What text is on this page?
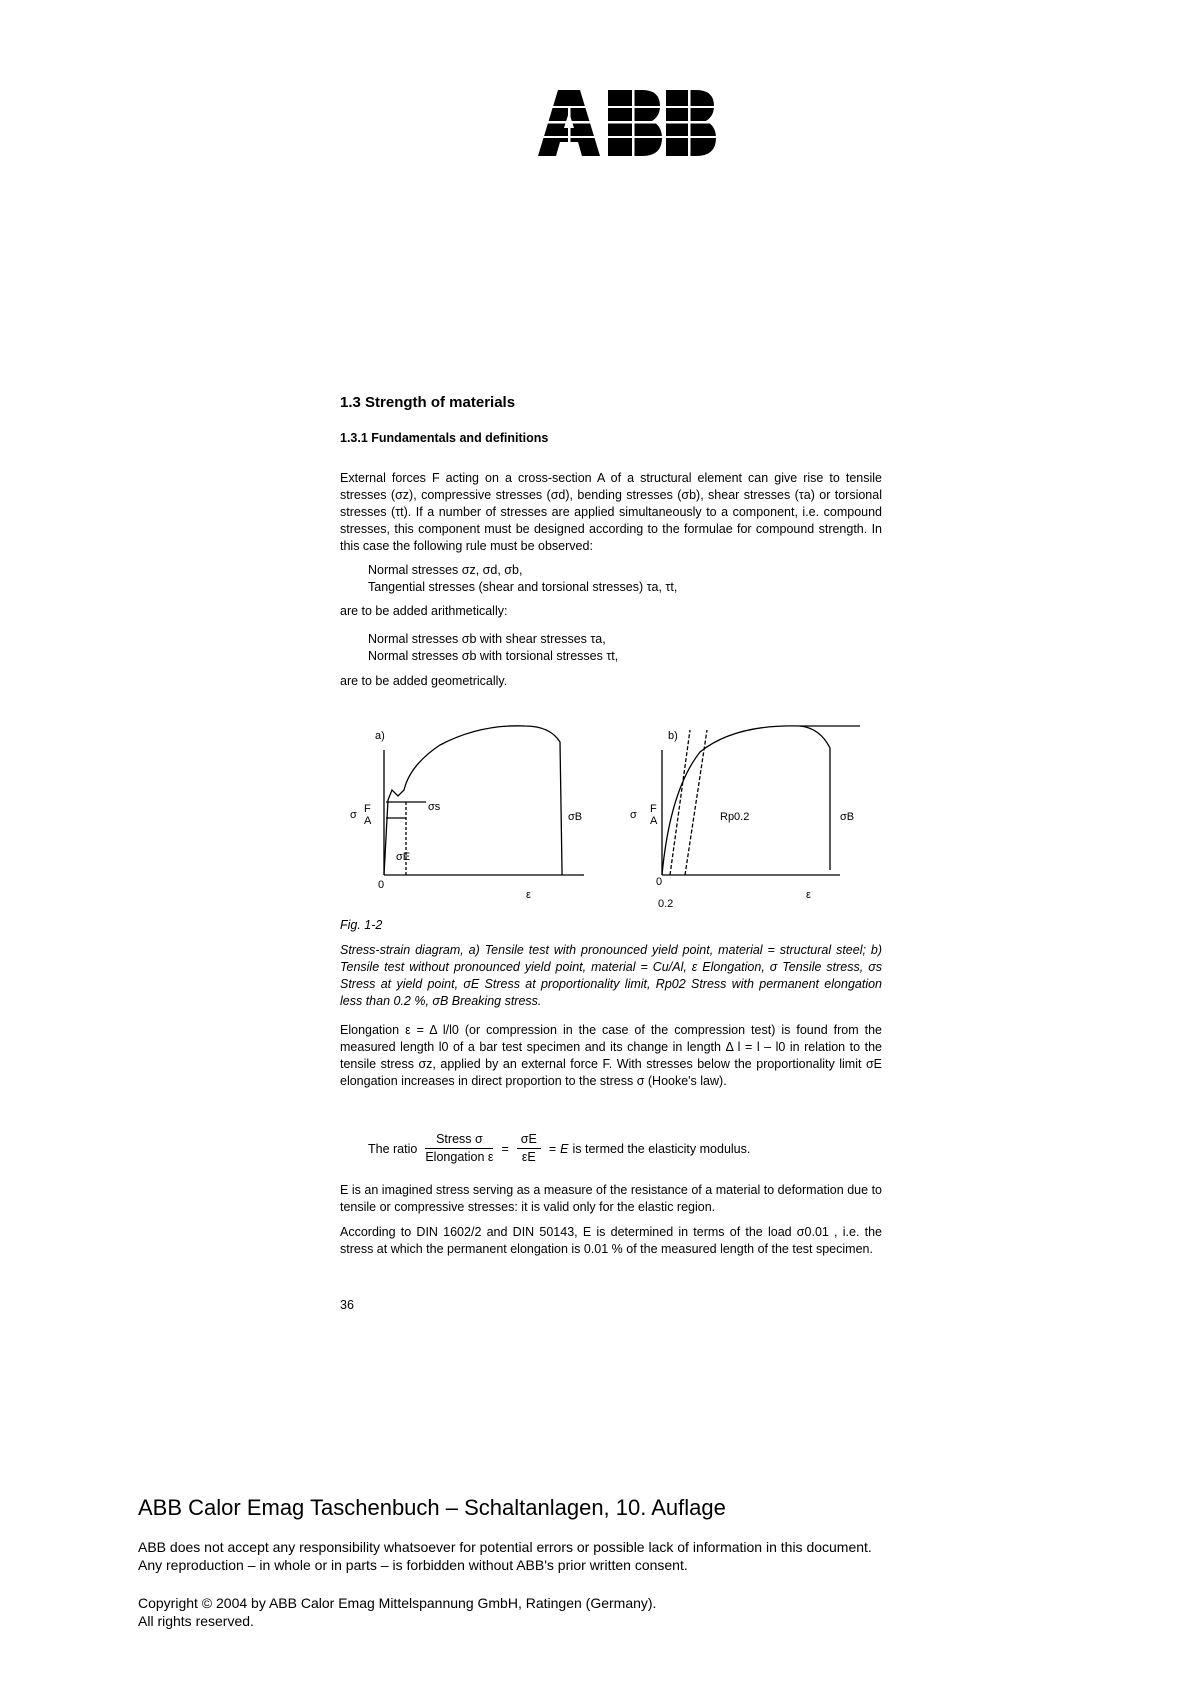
1.3 Strength of materials
1.3.1 Fundamentals and definitions
External forces F acting on a cross-section A of a structural element can give rise to tensile stresses (σz), compressive stresses (σd), bending stresses (σb), shear stresses (τa) or torsional stresses (τt). If a number of stresses are applied simultaneously to a component, i.e. compound stresses, this component must be designed according to the formulae for compound strength. In this case the following rule must be observed:
Normal stresses σz, σd, σb,
Tangential stresses (shear and torsional stresses) τa, τt,
are to be added arithmetically:
Normal stresses σb with shear stresses τa,
Normal stresses σb with torsional stresses τt,
are to be added geometrically.
a)	b)
σ F
A
σE
σB
σs
0
ε
σ F
A	Rp0.2	σB
0
0.2
ε
Fig. 1-2
Stress-strain diagram, a) Tensile test with pronounced yield point, material = structural steel; b) Tensile test without pronounced yield point, material = Cu/Al, ε Elongation, σ Tensile stress, σs Stress at yield point, σE Stress at proportionality limit, Rp02 Stress with permanent elongation less than 0.2 %, σB Breaking stress.
Elongation ε = Δ l/l0 (or compression in the case of the compression test) is found from the measured length l0 of a bar test specimen and its change in length Δ l = l – l0 in relation to the tensile stress σz, applied by an external force F. With stresses below the proportionality limit σE elongation increases in direct proportion to the stress σ (Hooke's law).
The ratio $\frac{\text{Stress σ}}{\text{Elongation ε}} = \frac{\sigma E}{\varepsilon E} = E$ is termed the elasticity modulus.
E is an imagined stress serving as a measure of the resistance of a material to deformation due to tensile or compressive stresses: it is valid only for the elastic region.
According to DIN 1602/2 and DIN 50143, E is determined in terms of the load σ0.01 , i.e. the stress at which the permanent elongation is 0.01 % of the measured length of the test specimen.
36
ABB Calor Emag Taschenbuch – Schaltanlagen, 10. Auflage
ABB does not accept any responsibility whatsoever for potential errors or possible lack of information in this document.
Any reproduction – in whole or in parts – is forbidden without ABB's prior written consent.
Copyright © 2004 by ABB Calor Emag Mittelspannung GmbH, Ratingen (Germany).
All rights reserved.
